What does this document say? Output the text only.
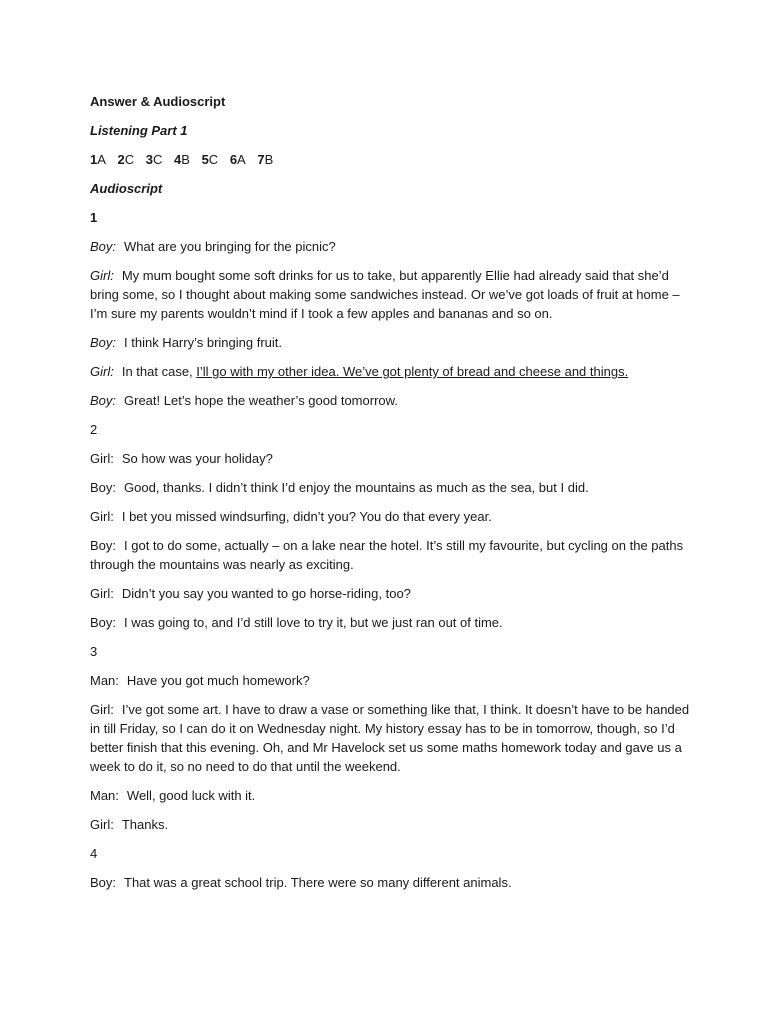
Answer & Audioscript

Listening Part 1

1A 2C 3C 4B 5C 6A 7B

Audioscript

1

Boy: What are you bringing for the picnic?

Girl: My mum bought some soft drinks for us to take, but apparently Ellie had already said that she’d bring some, so I thought about making some sandwiches instead. Or we’ve got loads of fruit at home – I’m sure my parents wouldn’t mind if I took a few apples and bananas and so on.

Boy: I think Harry’s bringing fruit.

Girl: In that case, I’ll go with my other idea. We’ve got plenty of bread and cheese and things.

Boy: Great! Let’s hope the weather’s good tomorrow.

2

Girl: So how was your holiday?

Boy: Good, thanks. I didn’t think I’d enjoy the mountains as much as the sea, but I did.

Girl: I bet you missed windsurfing, didn’t you? You do that every year.

Boy: I got to do some, actually – on a lake near the hotel. It’s still my favourite, but cycling on the paths through the mountains was nearly as exciting.

Girl: Didn’t you say you wanted to go horse-riding, too?

Boy: I was going to, and I’d still love to try it, but we just ran out of time.

3

Man: Have you got much homework?

Girl: I’ve got some art. I have to draw a vase or something like that, I think. It doesn’t have to be handed in till Friday, so I can do it on Wednesday night. My history essay has to be in tomorrow, though, so I’d better finish that this evening. Oh, and Mr Havelock set us some maths homework today and gave us a week to do it, so no need to do that until the weekend.

Man: Well, good luck with it.

Girl: Thanks.

4

Boy: That was a great school trip. There were so many different animals.
